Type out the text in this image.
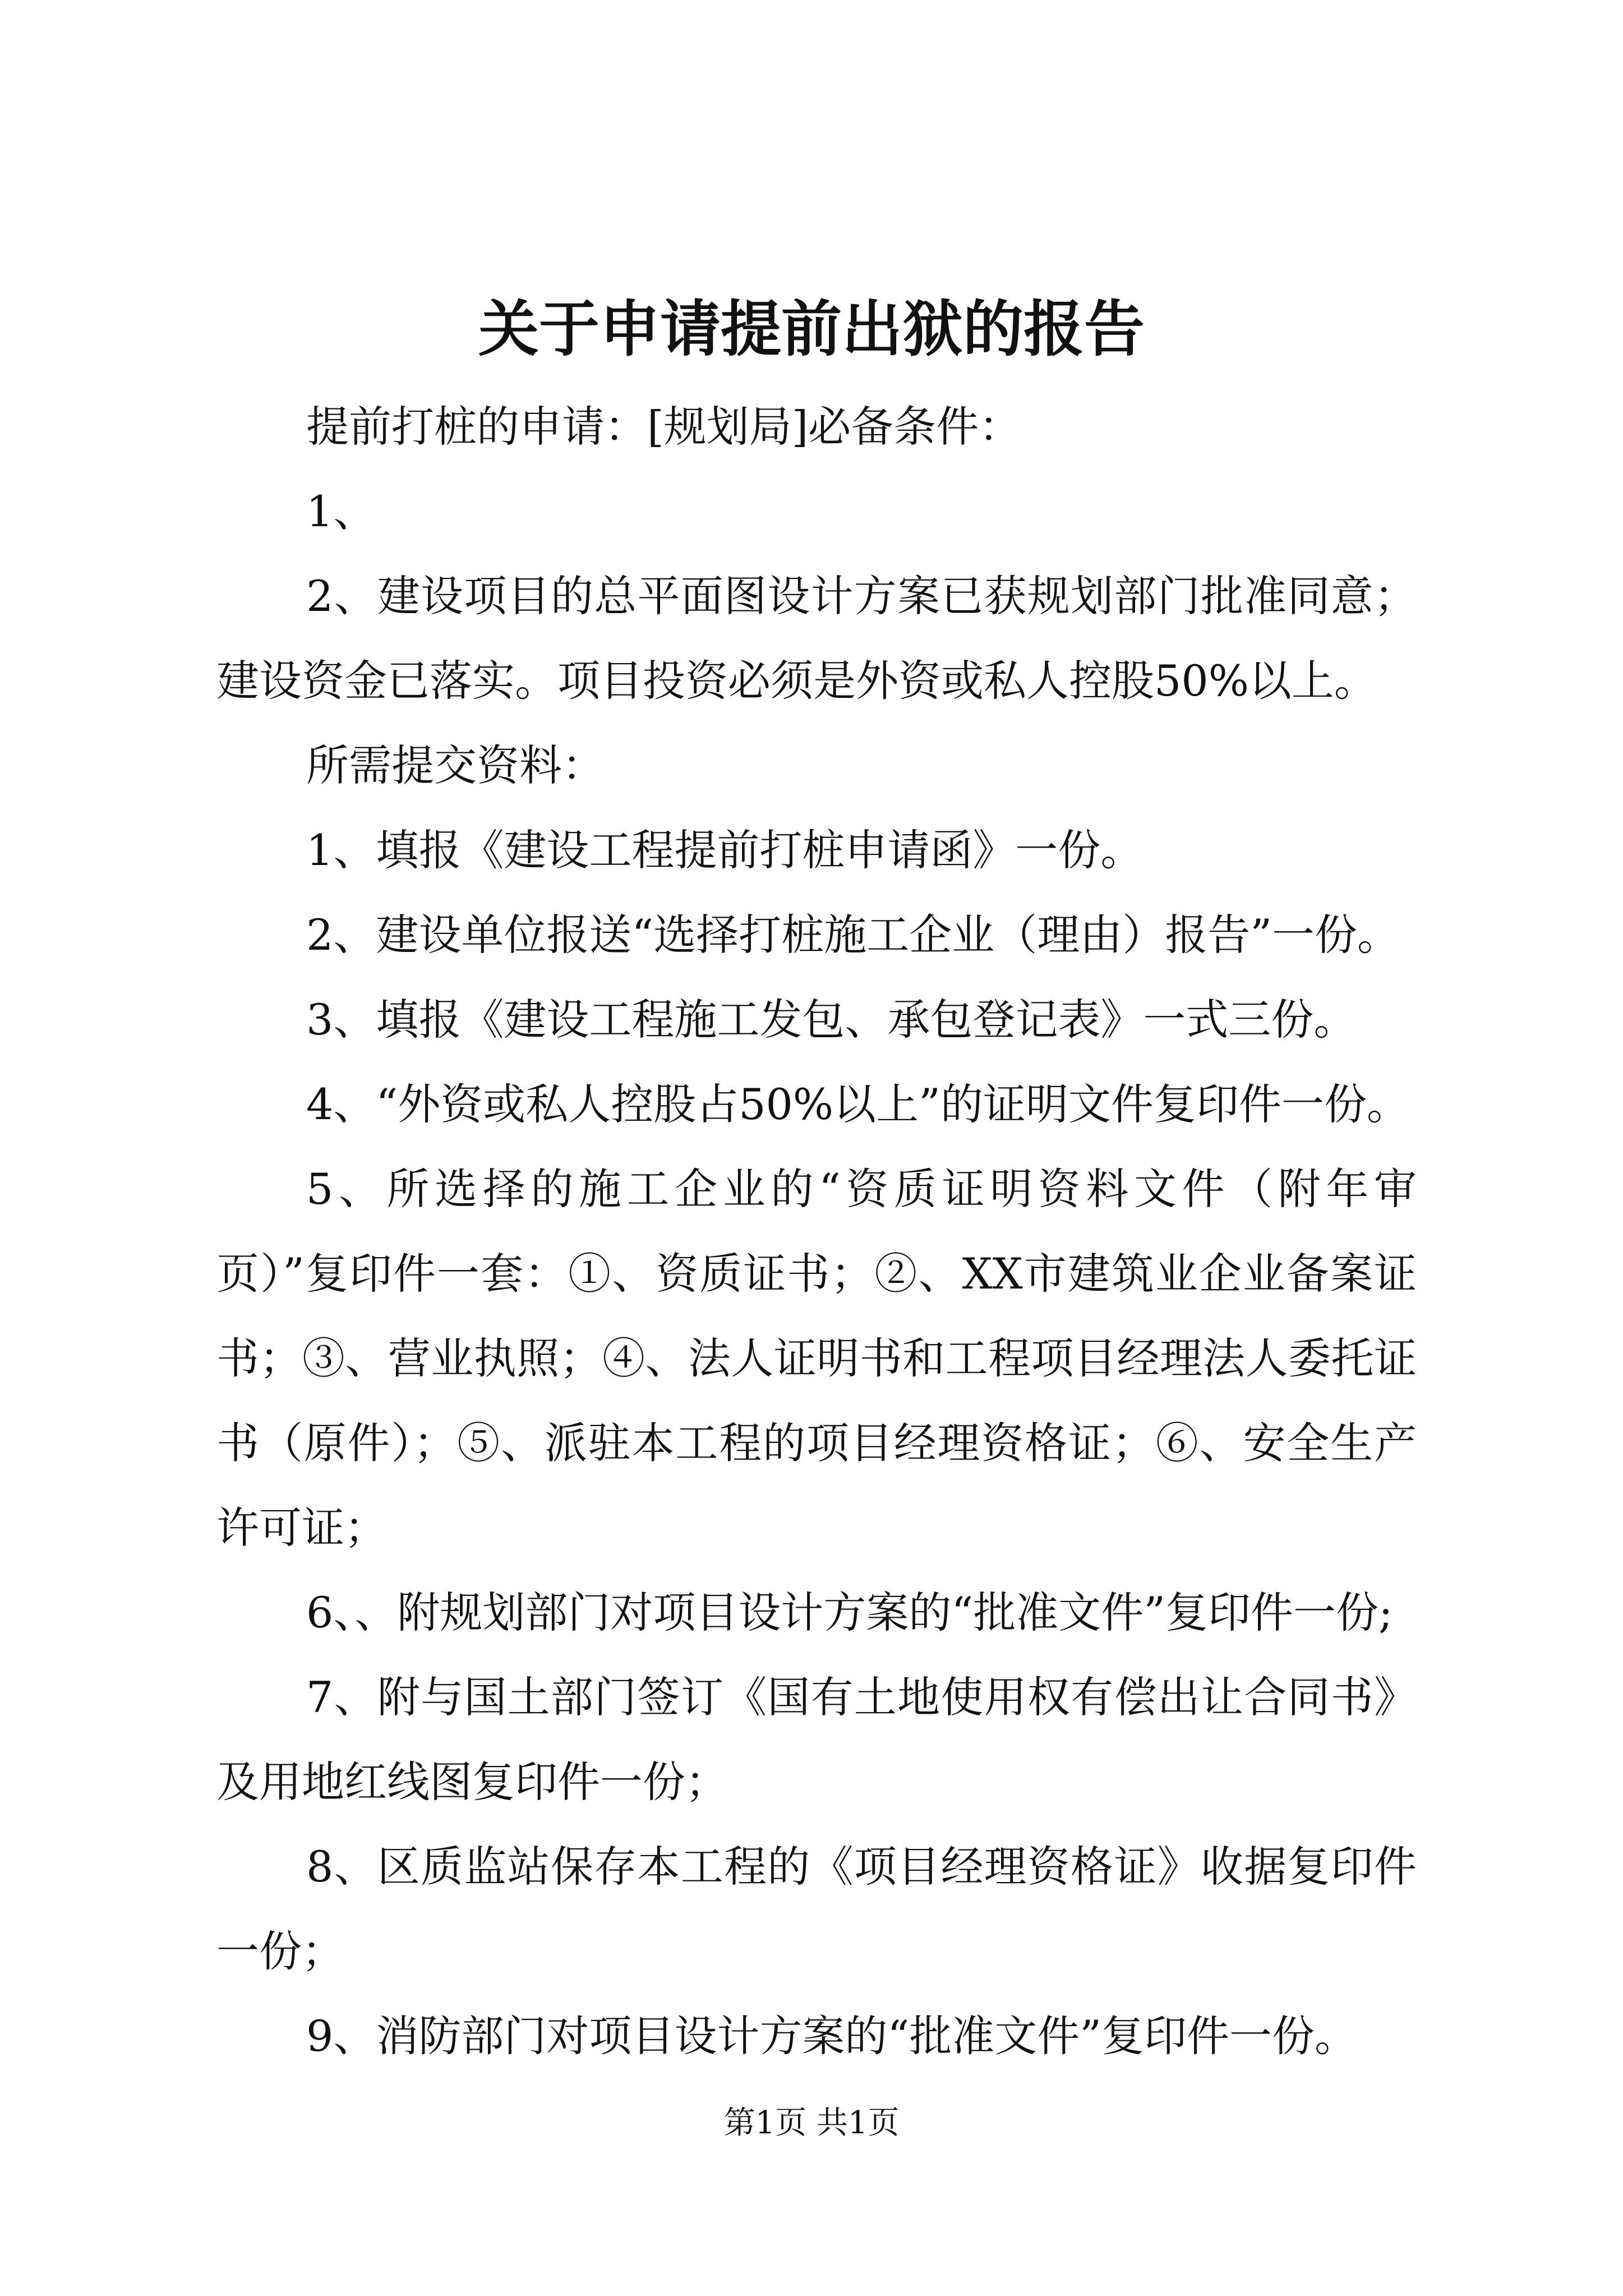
关于申请提前出狱的报告

提前打桩的申请：[规划局]必备条件：

1、

2、建设项目的总平面图设计方案已获规划部门批准同意；建设资金已落实。项目投资必须是外资或私人控股50%以上。

所需提交资料：

1、填报《建设工程提前打桩申请函》一份。

2、建设单位报送“选择打桩施工企业（理由）报告”一份。

3、填报《建设工程施工发包、承包登记表》一式三份。

4、“外资或私人控股占50%以上”的证明文件复印件一份。

5、所选择的施工企业的“资质证明资料文件（附年审页）”复印件一套：①、资质证书；②、XX市建筑业企业备案证书；③、营业执照；④、法人证明书和工程项目经理法人委托证书（原件）；⑤、派驻本工程的项目经理资格证；⑥、安全生产许可证；

6、、附规划部门对项目设计方案的“批准文件”复印件一份;

7、附与国土部门签订《国有土地使用权有偿出让合同书》及用地红线图复印件一份；

8、区质监站保存本工程的《项目经理资格证》收据复印件一份；

9、消防部门对项目设计方案的“批准文件”复印件一份。

第1页 共1页
